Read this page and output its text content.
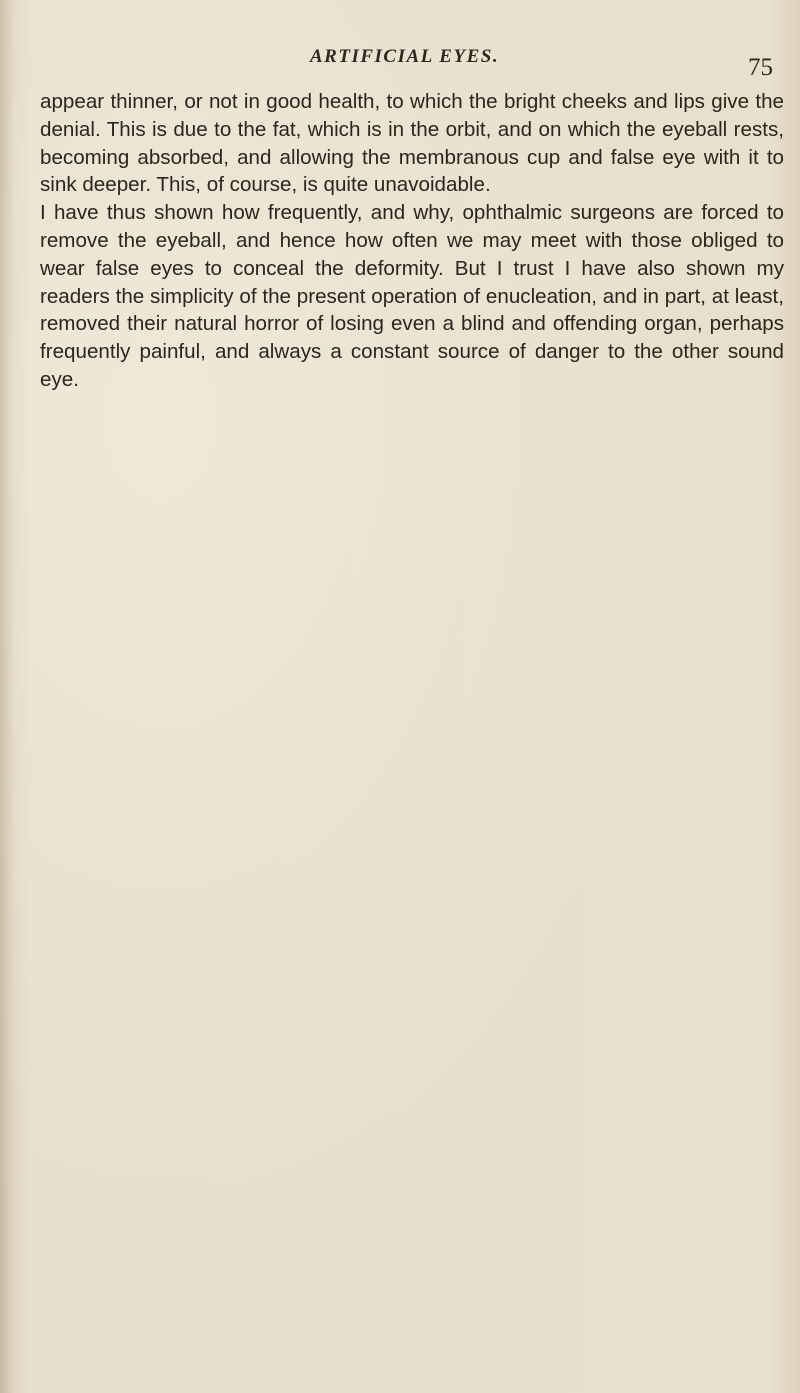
ARTIFICIAL EYES.	75

appear thinner, or not in good health, to which the bright cheeks and lips give the denial. This is due to the fat, which is in the orbit, and on which the eyeball rests, becoming absorbed, and allowing the membranous cup and false eye with it to sink deeper. This, of course, is quite unavoidable.

I have thus shown how frequently, and why, ophthalmic surgeons are forced to remove the eyeball, and hence how often we may meet with those obliged to wear false eyes to conceal the deformity. But I trust I have also shown my readers the simplicity of the present operation of enucleation, and in part, at least, removed their natural horror of losing even a blind and offending organ, perhaps frequently painful, and always a constant source of danger to the other sound eye.
